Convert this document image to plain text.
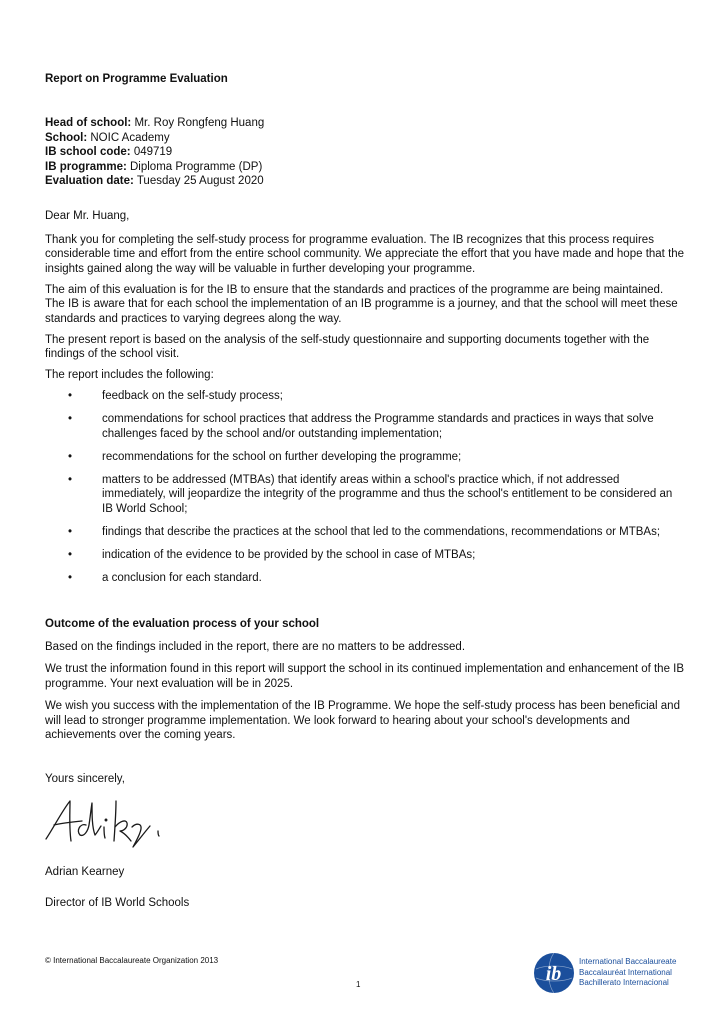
Report on Programme Evaluation
Head of school: Mr. Roy Rongfeng Huang
School: NOIC Academy
IB school code: 049719
IB programme: Diploma Programme (DP)
Evaluation date: Tuesday 25 August 2020

Dear Mr. Huang,

Thank you for completing the self-study process for programme evaluation. The IB recognizes that this process requires considerable time and effort from the entire school community. We appreciate the effort that you have made and hope that the insights gained along the way will be valuable in further developing your programme.

The aim of this evaluation is for the IB to ensure that the standards and practices of the programme are being maintained. The IB is aware that for each school the implementation of an IB programme is a journey, and that the school will meet these standards and practices to varying degrees along the way.

The present report is based on the analysis of the self-study questionnaire and supporting documents together with the findings of the school visit.

The report includes the following:

•	feedback on the self-study process;
•	commendations for school practices that address the Programme standards and practices in ways that solve challenges faced by the school and/or outstanding implementation;
•	recommendations for the school on further developing the programme;
•	matters to be addressed (MTBAs) that identify areas within a school's practice which, if not addressed immediately, will jeopardize the integrity of the programme and thus the school's entitlement to be considered an IB World School;
•	findings that describe the practices at the school that led to the commendations, recommendations or MTBAs;
•	indication of the evidence to be provided by the school in case of MTBAs;
•	a conclusion for each standard.

Outcome of the evaluation process of your school

Based on the findings included in the report, there are no matters to be addressed.

We trust the information found in this report will support the school in its continued implementation and enhancement of the IB programme. Your next evaluation will be in 2025.

We wish you success with the implementation of the IB Programme. We hope the self-study process has been beneficial and will lead to stronger programme implementation. We look forward to hearing about your school's developments and achievements over the coming years.

Yours sincerely,
Adrian Kearney
Director of IB World Schools
© International Baccalaureate Organization 2013
1	ib
International Baccalaureate
Baccalauréat International
Bachillerato Internacional
